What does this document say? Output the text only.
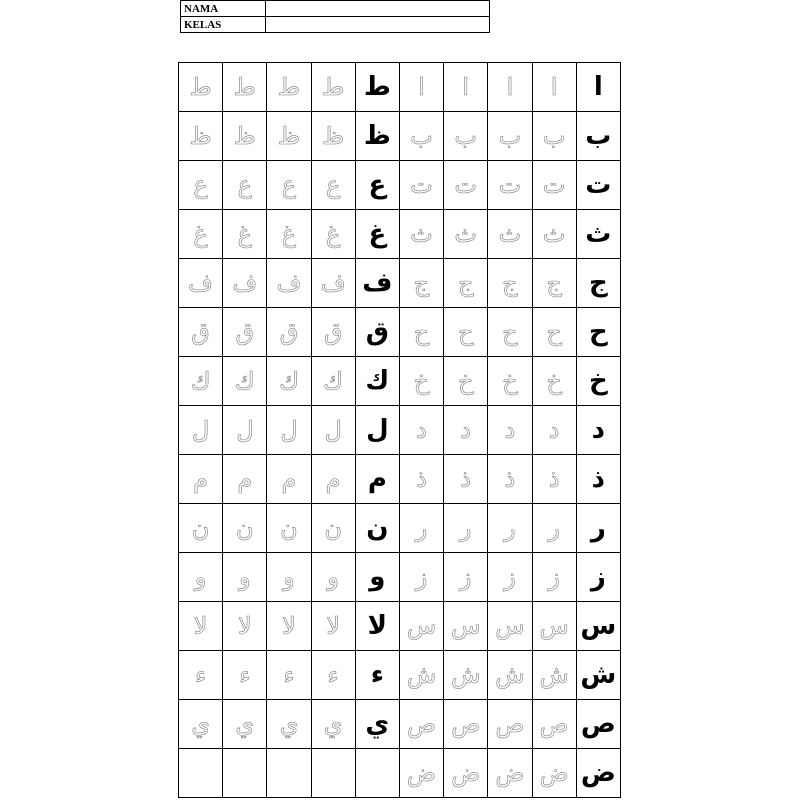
NAMA	
KELAS	
ط	ط	ط	ط	ط	ا	ا	ا	ا	ا
ظ	ظ	ظ	ظ	ظ	ب	ب	ب	ب	ب
ع	ع	ع	ع	ع	ت	ت	ت	ت	ت
غ	غ	غ	غ	غ	ث	ث	ث	ث	ث
ف	ف	ف	ف	ف	ج	ج	ج	ج	ج
ق	ق	ق	ق	ق	ح	ح	ح	ح	ح
ك	ك	ك	ك	ك	خ	خ	خ	خ	خ
ل	ل	ل	ل	ل	د	د	د	د	د
م	م	م	م	م	ذ	ذ	ذ	ذ	ذ
ن	ن	ن	ن	ن	ر	ر	ر	ر	ر
و	و	و	و	و	ز	ز	ز	ز	ز
لا	لا	لا	لا	لا	س	س	س	س	س
ء	ء	ء	ء	ء	ش	ش	ش	ش	ش
ي	ي	ي	ي	ي	ص	ص	ص	ص	ص
					ض	ض	ض	ض	ض
